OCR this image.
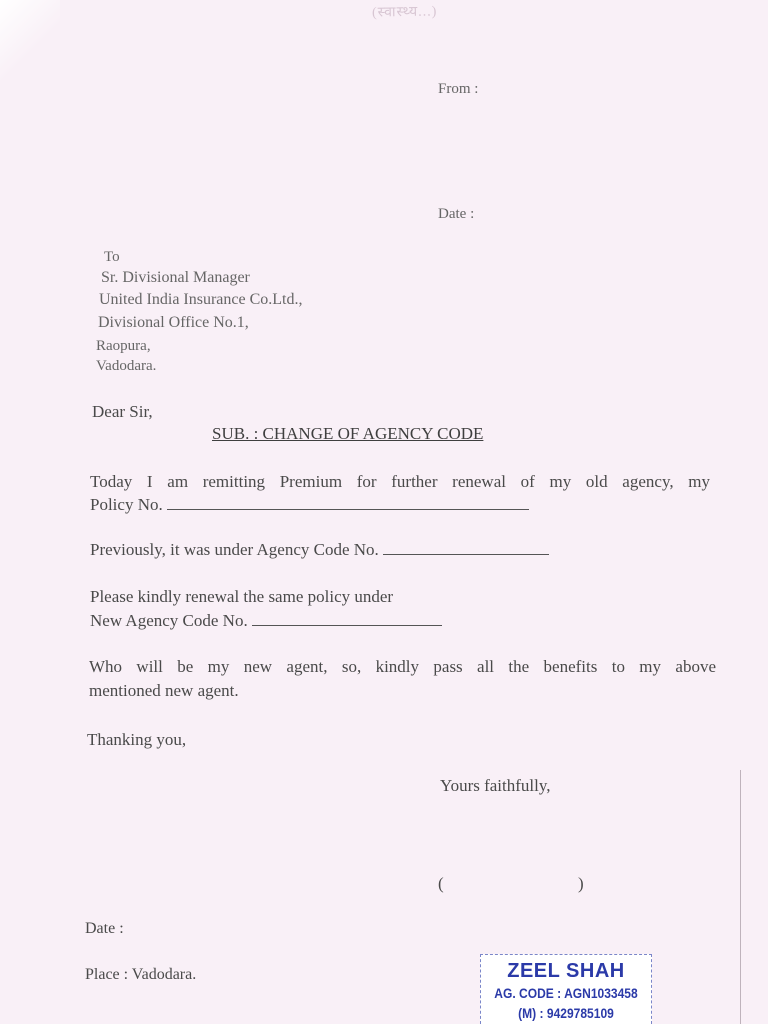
(स्वास्थ्य...)
From :
Date :
To
Sr. Divisional Manager
United India Insurance Co.Ltd.,
Divisional Office No.1,
Raopura,
Vadodara.
Dear Sir,
SUB. : CHANGE OF AGENCY CODE
Today I am remitting Premium for further renewal of my old agency, my
Policy No.
Previously, it was under Agency Code No.
Please kindly renewal the same policy under
New Agency Code No.
Who will be my new agent, so, kindly pass all the benefits to my above
mentioned new agent.
Thanking you,
Yours faithfully,
(	)
Date :
Place : Vadodara.	ZEEL SHAH
AG. CODE : AGN1033458
(M) : 9429785109
